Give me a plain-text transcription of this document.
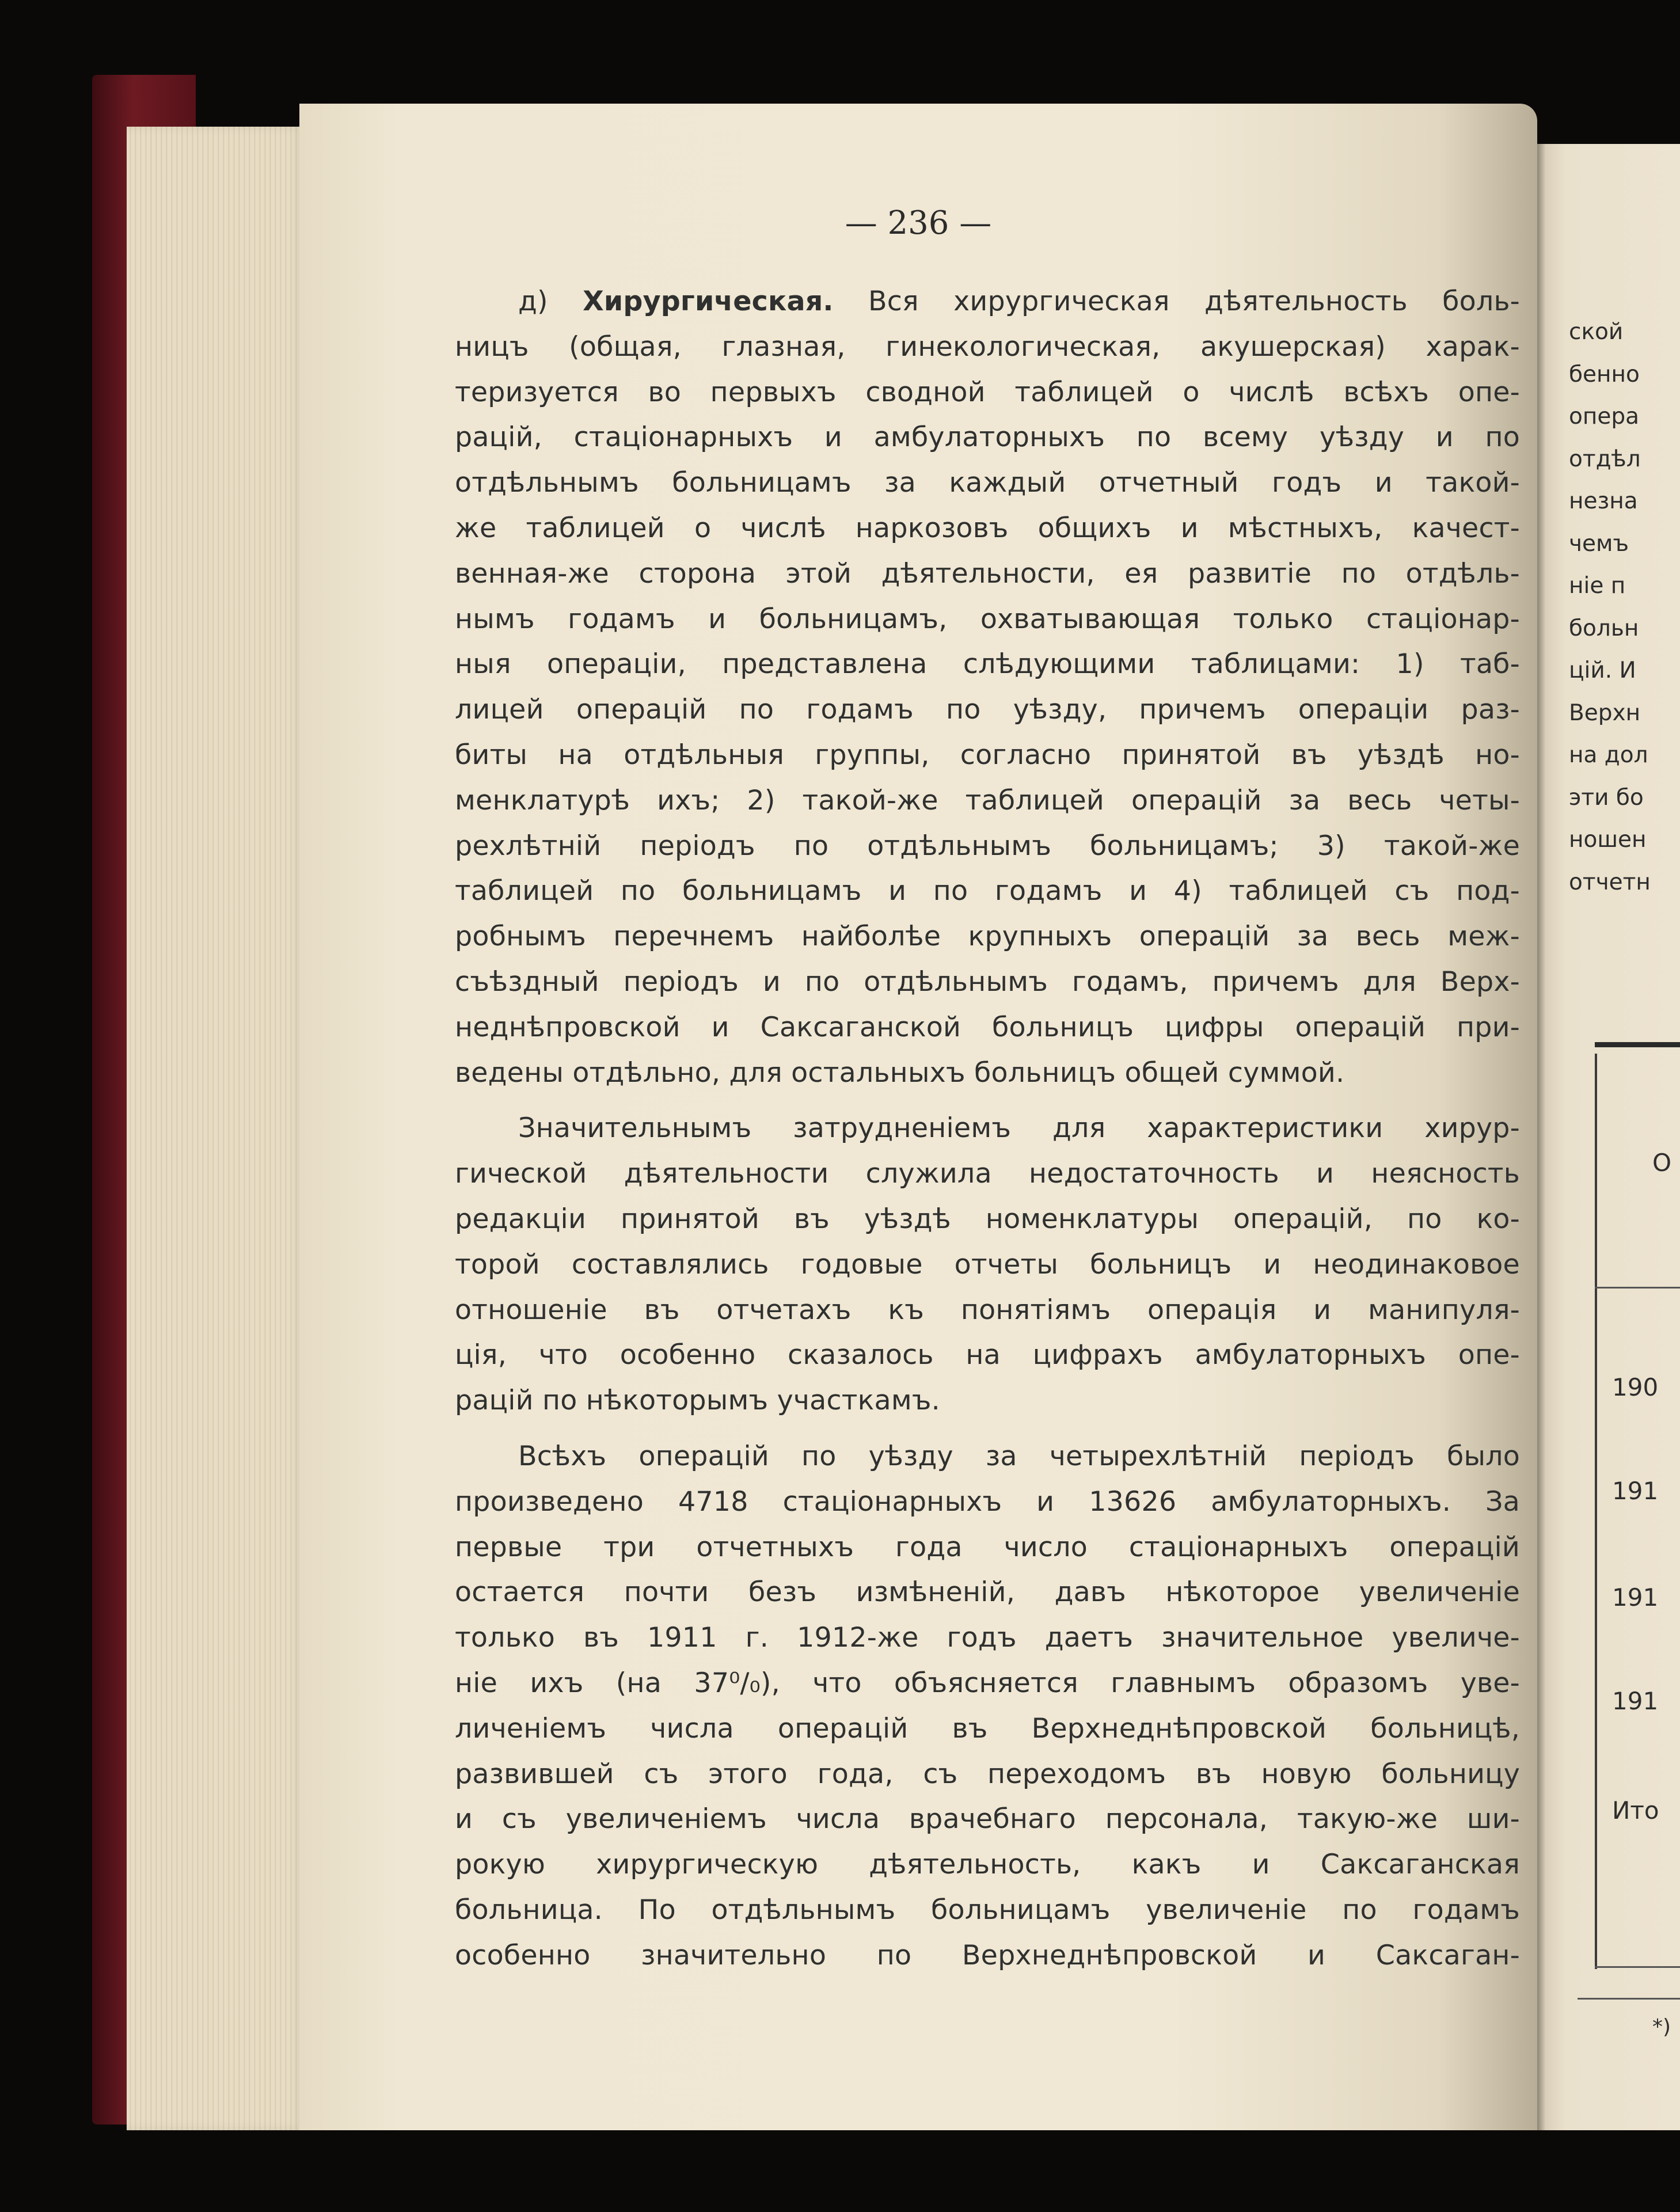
— 236 —
д) Хирургическая. Вся хирургическая дѣятельность боль-
ницъ (общая, глазная, гинекологическая, акушерская) харак-
теризуется во первыхъ сводной таблицей о числѣ всѣхъ опе-
рацій, стаціонарныхъ и амбулаторныхъ по всему уѣзду и по
отдѣльнымъ больницамъ за каждый отчетный годъ и такой-
же таблицей о числѣ наркозовъ общихъ и мѣстныхъ, качест-
венная-же сторона этой дѣятельности, ея развитіе по отдѣль-
нымъ годамъ и больницамъ, охватывающая только стаціонар-
ныя операціи, представлена слѣдующими таблицами: 1) таб-
лицей операцій по годамъ по уѣзду, причемъ операціи раз-
биты на отдѣльныя группы, согласно принятой въ уѣздѣ но-
менклатурѣ ихъ; 2) такой-же таблицей операцій за весь четы-
рехлѣтній періодъ по отдѣльнымъ больницамъ; 3) такой-же
таблицей по больницамъ и по годамъ и 4) таблицей съ под-
робнымъ перечнемъ найболѣе крупныхъ операцій за весь меж-
съѣздный періодъ и по отдѣльнымъ годамъ, причемъ для Верх-
неднѣпровской и Саксаганской больницъ цифры операцій при-
ведены отдѣльно, для остальныхъ больницъ общей суммой.
Значительнымъ затрудненіемъ для характеристики хирур-
гической дѣятельности служила недостаточность и неясность
редакціи принятой въ уѣздѣ номенклатуры операцій, по ко-
торой составлялись годовые отчеты больницъ и неодинаковое
отношеніе въ отчетахъ къ понятіямъ операція и манипуля-
ція, что особенно сказалось на цифрахъ амбулаторныхъ опе-
рацій по нѣкоторымъ участкамъ.
Всѣхъ операцій по уѣзду за четырехлѣтній періодъ было
произведено 4718 стаціонарныхъ и 13626 амбулаторныхъ. За
первые три отчетныхъ года число стаціонарныхъ операцій
остается почти безъ измѣненій, давъ нѣкоторое увеличеніе
только въ 1911 г. 1912-же годъ даетъ значительное увеличе-
ніе ихъ (на 37⁰/₀), что объясняется главнымъ образомъ уве-
личеніемъ числа операцій въ Верхнеднѣпровской больницѣ,
развившей съ этого года, съ переходомъ въ новую больницу
и съ увеличеніемъ числа врачебнаго персонала, такую-же ши-
рокую хирургическую дѣятельность, какъ и Саксаганская
больница. По отдѣльнымъ больницамъ увеличеніе по годамъ
особенно значительно по Верхнеднѣпровской и Саксаган-
ской
бенно
опера
отдѣл
незна
чемъ
ніе п
больн
цій. И
Верхн
на дол
эти бо
ношен
отчетн
O
190
191
191
191
Ито
*)
